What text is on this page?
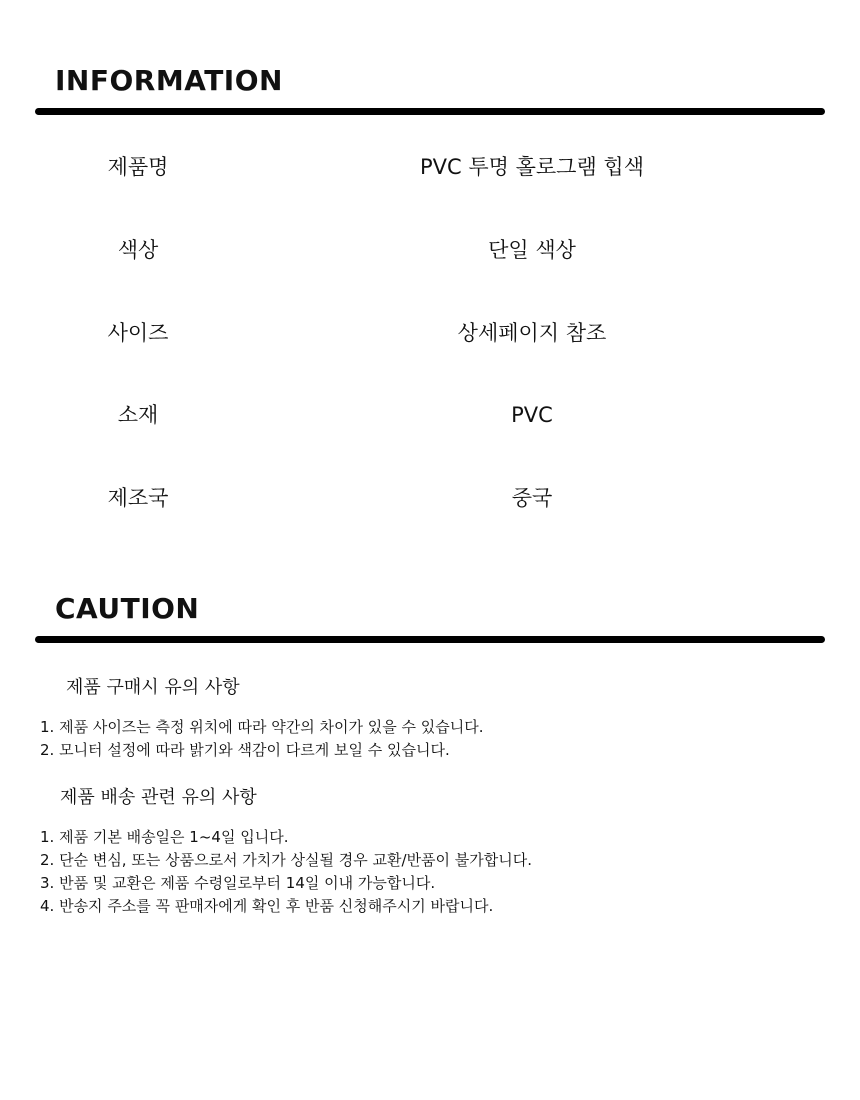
INFORMATION
제품명	PVC 투명 홀로그램 힙색
색상	단일 색상
사이즈	상세페이지 참조
소재	PVC
제조국	중국
CAUTION
제품 구매시 유의 사항
1. 제품 사이즈는 측정 위치에 따라 약간의 차이가 있을 수 있습니다.
2. 모니터 설정에 따라 밝기와 색감이 다르게 보일 수 있습니다.
제품 배송 관련 유의 사항
1. 제품 기본 배송일은 1~4일 입니다.
2. 단순 변심, 또는 상품으로서 가치가 상실될 경우 교환/반품이 불가합니다.
3. 반품 및 교환은 제품 수령일로부터 14일 이내 가능합니다.
4. 반송지 주소를 꼭 판매자에게 확인 후 반품 신청해주시기 바랍니다.
